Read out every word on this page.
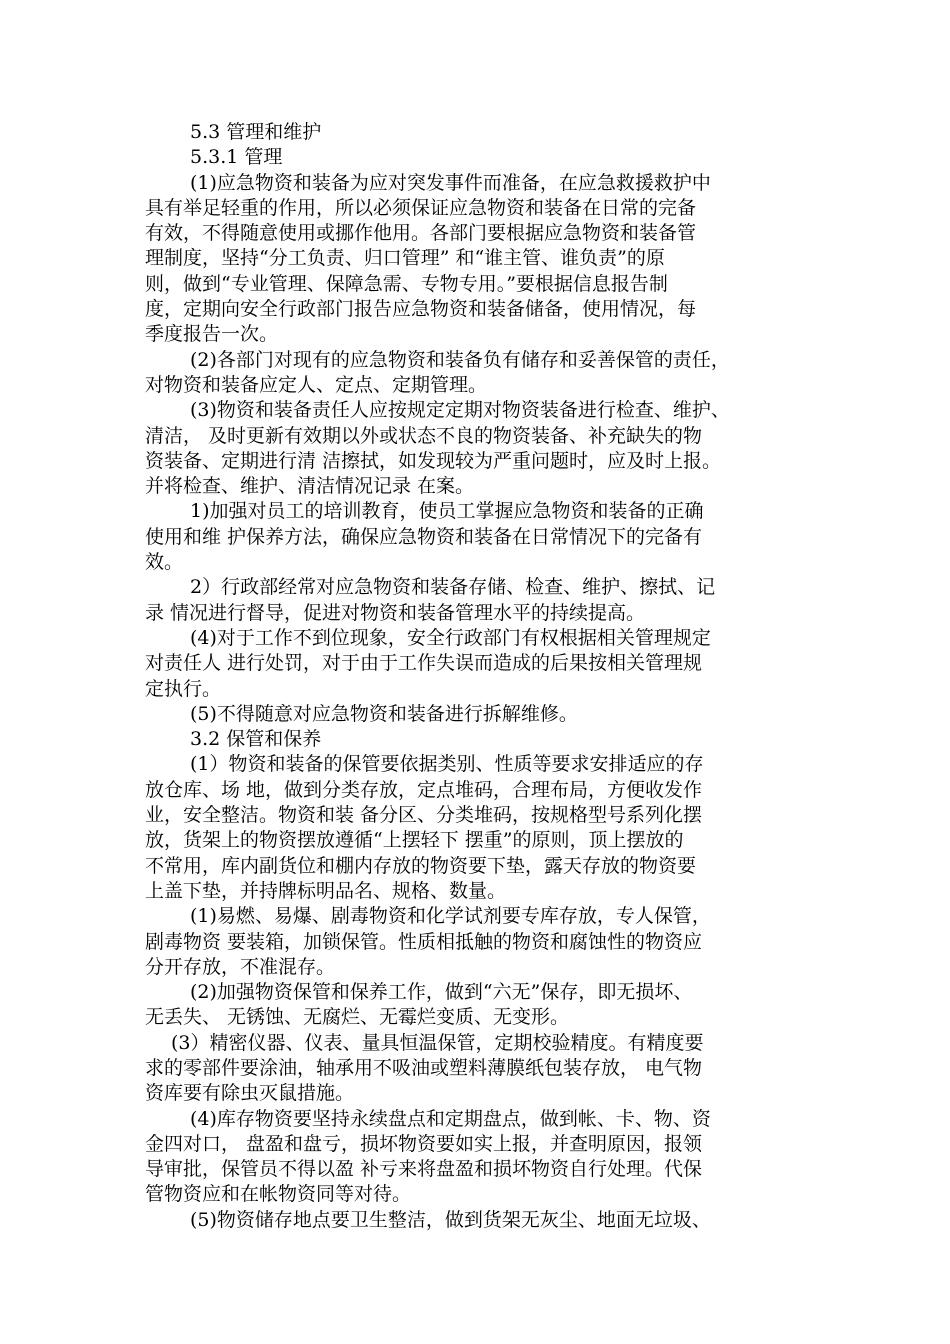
5.3 管理和维护
5.3.1 管理
(1)应急物资和装备为应对突发事件而准备，在应急救援救护中
具有举足轻重的作用，所以必须保证应急物资和装备在日常的完备
有效，不得随意使用或挪作他用。各部门要根据应急物资和装备管
理制度，坚持“分工负责、归口管理” 和“谁主管、谁负责”的原
则，做到“专业管理、保障急需、专物专用。”要根据信息报告制
度，定期向安全行政部门报告应急物资和装备储备，使用情况，每
季度报告一次。
(2)各部门对现有的应急物资和装备负有储存和妥善保管的责任，
对物资和装备应定人、定点、定期管理。
(3)物资和装备责任人应按规定定期对物资装备进行检查、维护、
清洁， 及时更新有效期以外或状态不良的物资装备、补充缺失的物
资装备、定期进行清 洁擦拭，如发现较为严重问题时，应及时上报。
并将检查、维护、清洁情况记录 在案。
1)加强对员工的培训教育，使员工掌握应急物资和装备的正确
使用和维 护保养方法，确保应急物资和装备在日常情况下的完备有
效。
2）行政部经常对应急物资和装备存储、检查、维护、擦拭、记
录 情况进行督导，促进对物资和装备管理水平的持续提高。
(4)对于工作不到位现象，安全行政部门有权根据相关管理规定
对责任人 进行处罚，对于由于工作失误而造成的后果按相关管理规
定执行。
(5)不得随意对应急物资和装备进行拆解维修。
3.2 保管和保养
(1）物资和装备的保管要依据类别、性质等要求安排适应的存
放仓库、场 地，做到分类存放，定点堆码，合理布局，方便收发作
业，安全整洁。物资和装 备分区、分类堆码，按规格型号系列化摆
放，货架上的物资摆放遵循“上摆轻下 摆重”的原则，顶上摆放的
不常用，库内副货位和棚内存放的物资要下垫，露天存放的物资要
上盖下垫，并持牌标明品名、规格、数量。
(1)易燃、易爆、剧毒物资和化学试剂要专库存放，专人保管，
剧毒物资 要装箱，加锁保管。性质相抵触的物资和腐蚀性的物资应
分开存放，不准混存。
(2)加强物资保管和保养工作，做到“六无”保存，即无损坏、
无丢失、 无锈蚀、无腐烂、无霉烂变质、无变形。
(3）精密仪器、仪表、量具恒温保管，定期校验精度。有精度要
求的零部件要涂油，轴承用不吸油或塑料薄膜纸包装存放， 电气物
资库要有除虫灭鼠措施。
(4)库存物资要坚持永续盘点和定期盘点，做到帐、卡、物、资
金四对口， 盘盈和盘亏，损坏物资要如实上报，并查明原因，报领
导审批，保管员不得以盈 补亏来将盘盈和损坏物资自行处理。代保
管物资应和在帐物资同等对待。
(5)物资储存地点要卫生整洁，做到货架无灰尘、地面无垃圾、
